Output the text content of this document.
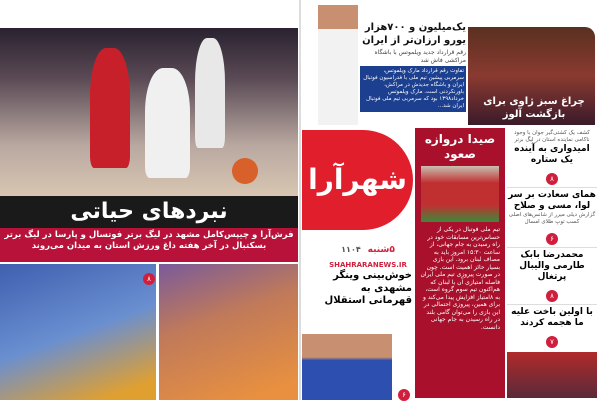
نبردهای حیاتی
فرش‌آرا و چیپس‌کامل مشهد در لیگ برتر فوتسال و پارسا در لیگ برتر بسکتبال در آخر هفته داغ ورزش استان به میدان می‌روند
۸
یک‌میلیون و ۷۰۰هزار یورو ارزان‌تر از ایران
رقم قرارداد جدید ویلموتس با باشگاه مراکشی فاش شد
تفاوت رقم قرارداد مارک ویلموتس، سرمربی پیشین تیم ملی با فدراسیون فوتبال ایران و باشگاه جدیدش در مراکش، باورنکردنی است. مارک ویلموتس خرداد۱۳۹۸ بود که سرمربی تیم ملی فوتبال ایران شد...	چراغ سبز ژاوی برای بازگشت آلوز
شهرآرا
صیدا دروازه صعود
تیم ملی فوتبال در یکی از حساس‌ترین مسابقات خود در راه رسیدن به جام جهانی، از ساعت ۱۵:۳۰ امروز باید به مصاف لبنان برود. این بازی بسیار حائز اهمیت است. چون در صورت پیروزی تیم ملی ایران فاصله امتیازی آن با لبنان که هم‌اکنون تیم سوم گروه است، به ۸امتیاز افزایش پیدا می‌کند و برای همین، پیروزی احتمالی در این بازی را می‌توان گامی بلند در راه رسیدن به جام جهانی دانست.

کشف یک کشتی‌گیر جوان با وجود ناکامی نماینده استان در لیگ برتر

امیدواری به آینده یک ستاره
۸
همای سعادت بر سر لوا، مسی و صلاح

گزارش دیلی میرر از شانس‌های اصلی کسب توپ طلای امسال

۶
محمدرضا بابک طارمی والیبال پرتغال
۸
با اولین باخت علیه ما هجمه کردند
۷
۵شنبه ۱۱۰۴
SHAHRARANEWS.IR
خوش‌بینی وینگر مشهدی به قهرمانی استقلال
۶
